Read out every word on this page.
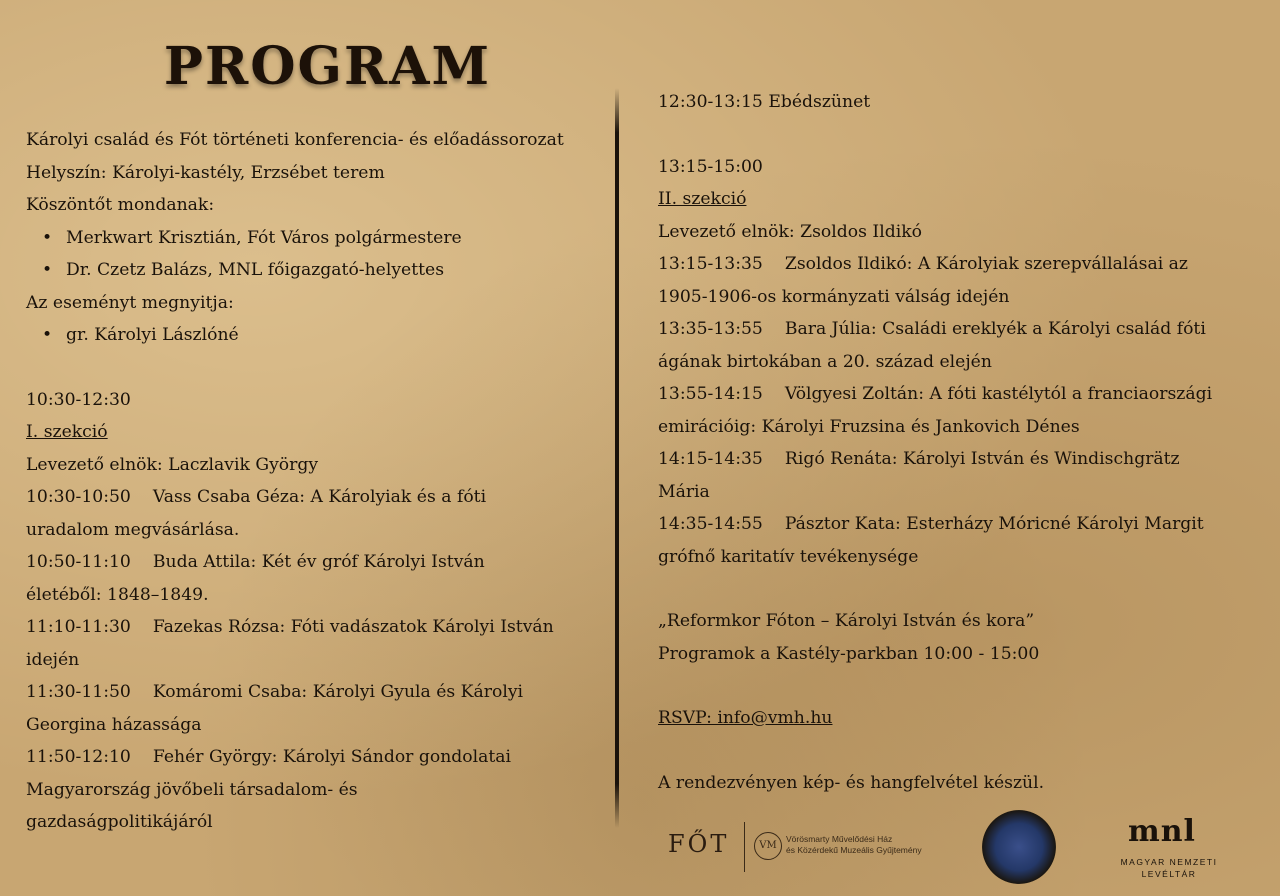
PROGRAM
Károlyi család és Fót történeti konferencia- és előadássorozat
Helyszín: Károlyi-kastély, Erzsébet terem
Köszöntőt mondanak:
• Merkwart Krisztián, Fót Város polgármestere
• Dr. Czetz Balázs, MNL főigazgató-helyettes
Az eseményt megnyitja:
• gr. Károlyi Lászlóné
10:30-12:30
I. szekció
Levezető elnök: Laczlavik György
10:30-10:50 Vass Csaba Géza: A Károlyiak és a fóti
uradalom megvásárlása.
10:50-11:10 Buda Attila: Két év gróf Károlyi István
életéből: 1848–1849.
11:10-11:30 Fazekas Rózsa: Fóti vadászatok Károlyi István
idején
11:30-11:50 Komáromi Csaba: Károlyi Gyula és Károlyi
Georgina házassága
11:50-12:10 Fehér György: Károlyi Sándor gondolatai
Magyarország jövőbeli társadalom- és
gazdaságpolitikájáról
12:30-13:15 Ebédszünet
13:15-15:00
II. szekció
Levezető elnök: Zsoldos Ildikó
13:15-13:35 Zsoldos Ildikó: A Károlyiak szerepvállalásai az
1905-1906-os kormányzati válság idején
13:35-13:55 Bara Júlia: Családi ereklyék a Károlyi család fóti
ágának birtokában a 20. század elején
13:55-14:15 Völgyesi Zoltán: A fóti kastélytól a franciaországi
emirációig: Károlyi Fruzsina és Jankovich Dénes
14:15-14:35 Rigó Renáta: Károlyi István és Windischgrätz
Mária
14:35-14:55 Pásztor Kata: Esterházy Móricné Károlyi Margit
grófnő karitatív tevékenysége
„Reformkor Fóton – Károlyi István és kora”
Programok a Kastély-parkban 10:00 - 15:00
RSVP: info@vmh.hu
A rendezvényen kép- és hangfelvétel készül.
FŐT	VM
Vörösmarty Művelődési Ház
és Közérdekű Muzeális Gyűjtemény
mnl
MAGYAR NEMZETI
LEVÉLTÁR
